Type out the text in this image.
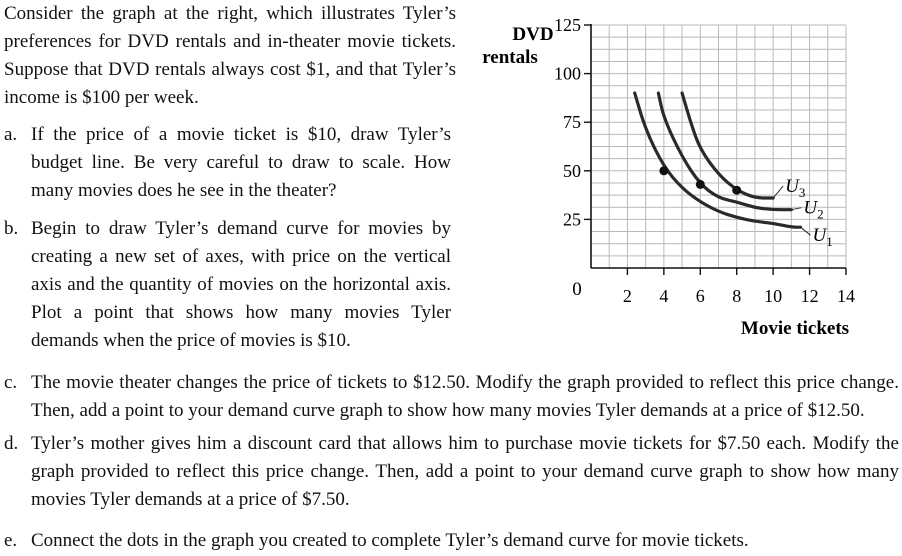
Consider the graph at the right, which illustrates Tyler’s preferences for DVD rentals and in-theater movie tickets. Suppose that DVD rentals always cost $1, and that Tyler’s income is $100 per week.
a. If the price of a movie ticket is $10, draw Tyler’s budget line. Be very careful to draw to scale. How many movies does he see in the theater?
b. Begin to draw Tyler’s demand curve for movies by creating a new set of axes, with price on the vertical axis and the quantity of movies on the horizontal axis. Plot a point that shows how many movies Tyler demands when the price of movies is $10.
c. The movie theater changes the price of tickets to $12.50. Modify the graph provided to reflect this price change. Then, add a point to your demand curve graph to show how many movies Tyler demands at a price of $12.50.
d. Tyler’s mother gives him a discount card that allows him to purchase movie tickets for $7.50 each. Modify the graph provided to reflect this price change. Then, add a point to your demand curve graph to show how many movies Tyler demands at a price of $7.50.
e. Connect the dots in the graph you created to complete Tyler’s demand curve for movie tickets.
25
50
75
100
125
2 4 6 8 10 12 14
$U_1$
$U_2$
$U_3$
DVD
rentals
Movie tickets
0
